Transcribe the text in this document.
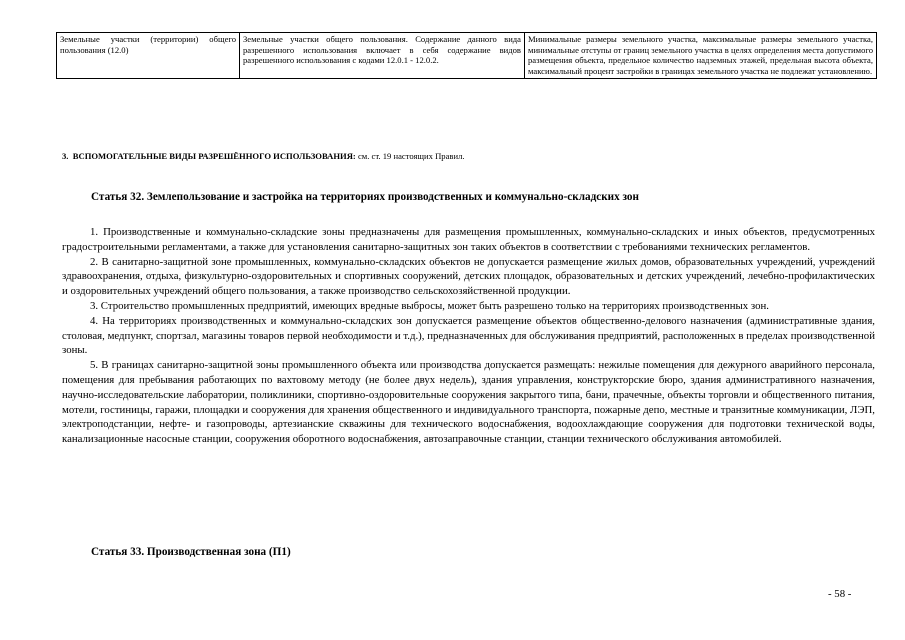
Земельные участки (территории) общего пользования (12.0)	Земельные участки общего пользования. Содержание данного вида разрешенного использования включает в себя содержание видов разрешенного использования с кодами 12.0.1 - 12.0.2.	Минимальные размеры земельного участка, максимальные размеры земельного участка, минимальные отступы от границ земельного участка в целях определения места допустимого размещения объекта, предельное количество надземных этажей, предельная высота объекта, максимальный процент застройки в границах земельного участка не подлежат установлению.
3. ВСПОМОГАТЕЛЬНЫЕ ВИДЫ РАЗРЕШЁННОГО ИСПОЛЬЗОВАНИЯ: см. ст. 19 настоящих Правил.
Статья 32. Землепользование и застройка на территориях производственных и коммунально-складских зон

1. Производственные и коммунально-складские зоны предназначены для размещения промышленных, коммунально-складских и иных объектов, предусмотренных градостроительными регламентами, а также для установления санитарно-защитных зон таких объектов в соответствии с требованиями технических регламентов.

2. В санитарно-защитной зоне промышленных, коммунально-складских объектов не допускается размещение жилых домов, образовательных учреждений, учреждений здравоохранения, отдыха, физкультурно-оздоровительных и спортивных сооружений, детских площадок, образовательных и детских учреждений, лечебно-профилактических и оздоровительных учреждений общего пользования, а также производство сельскохозяйственной продукции.

3. Строительство промышленных предприятий, имеющих вредные выбросы, может быть разрешено только на территориях производственных зон.

4. На территориях производственных и коммунально-складских зон допускается размещение объектов общественно-делового назначения (административные здания, столовая, медпункт, спортзал, магазины товаров первой необходимости и т.д.), предназначенных для обслуживания предприятий, расположенных в пределах производственной зоны.

5. В границах санитарно-защитной зоны промышленного объекта или производства допускается размещать: нежилые помещения для дежурного аварийного персонала, помещения для пребывания работающих по вахтовому методу (не более двух недель), здания управления, конструкторские бюро, здания административного назначения, научно-исследовательские лаборатории, поликлиники, спортивно-оздоровительные сооружения закрытого типа, бани, прачечные, объекты торговли и общественного питания, мотели, гостиницы, гаражи, площадки и сооружения для хранения общественного и индивидуального транспорта, пожарные депо, местные и транзитные коммуникации, ЛЭП, электроподстанции, нефте- и газопроводы, артезианские скважины для технического водоснабжения, водоохлаждающие сооружения для подготовки технической воды, канализационные насосные станции, сооружения оборотного водоснабжения, автозаправочные станции, станции технического обслуживания автомобилей.

Статья 33. Производственная зона (П1)
- 58 -
